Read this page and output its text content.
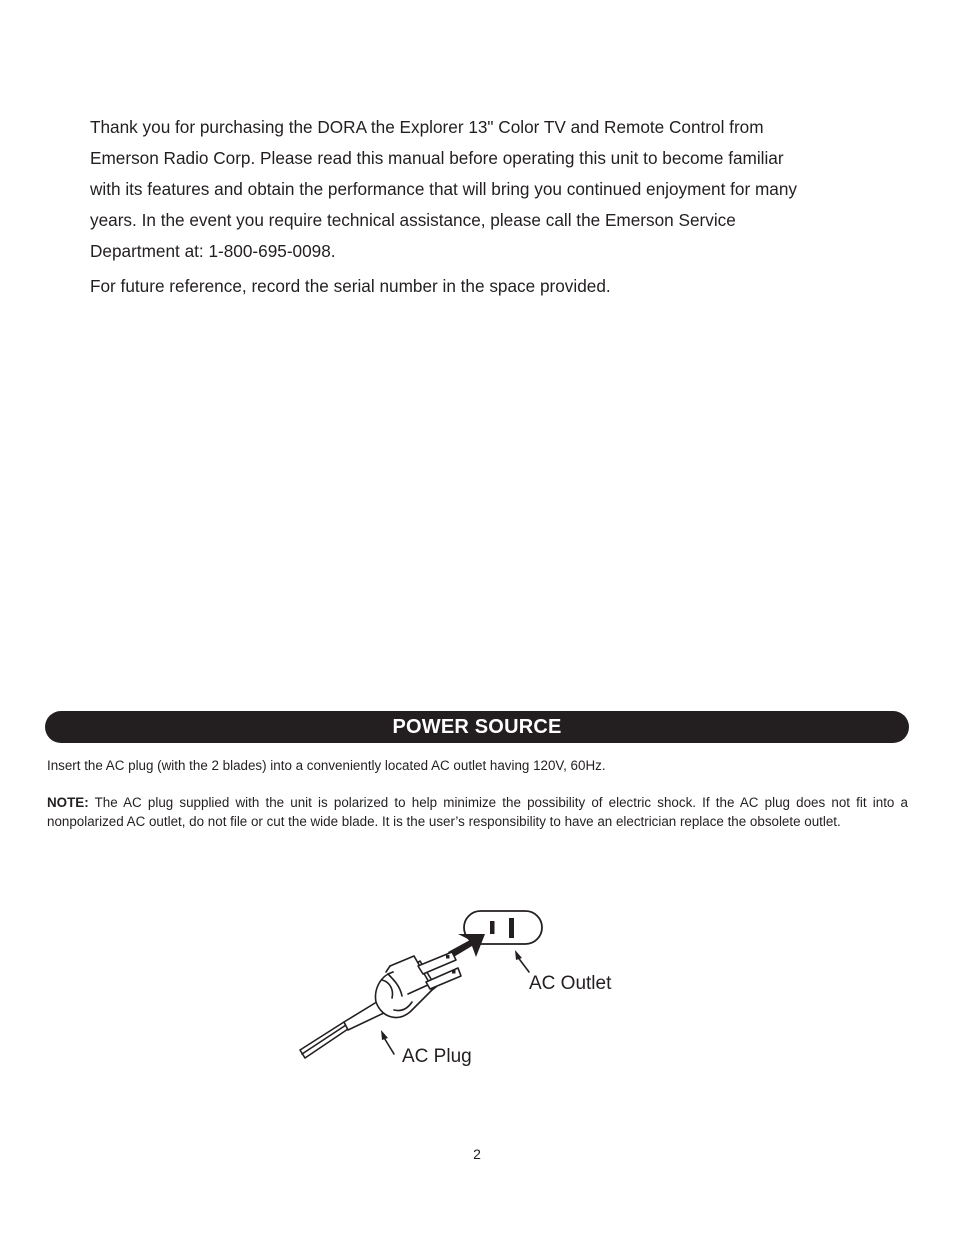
Thank you for purchasing the DORA the Explorer 13" Color TV and Remote Control from
Emerson Radio Corp. Please read this manual before operating this unit to become familiar
with its features and obtain the performance that will bring you continued enjoyment for many
years. In the event you require technical assistance, please call the Emerson Service
Department at: 1-800-695-0098.

For future reference, record the serial number in the space provided.

POWER SOURCE

Insert the AC plug (with the 2 blades) into a conveniently located AC outlet having 120V, 60Hz.

NOTE: The AC plug supplied with the unit is polarized to help minimize the possibility of electric shock. If the AC plug does not fit into a nonpolarized AC outlet, do not file or cut the wide blade. It is the user’s responsibility to have an electrician replace the obsolete outlet.

AC Outlet
AC Plug
2
